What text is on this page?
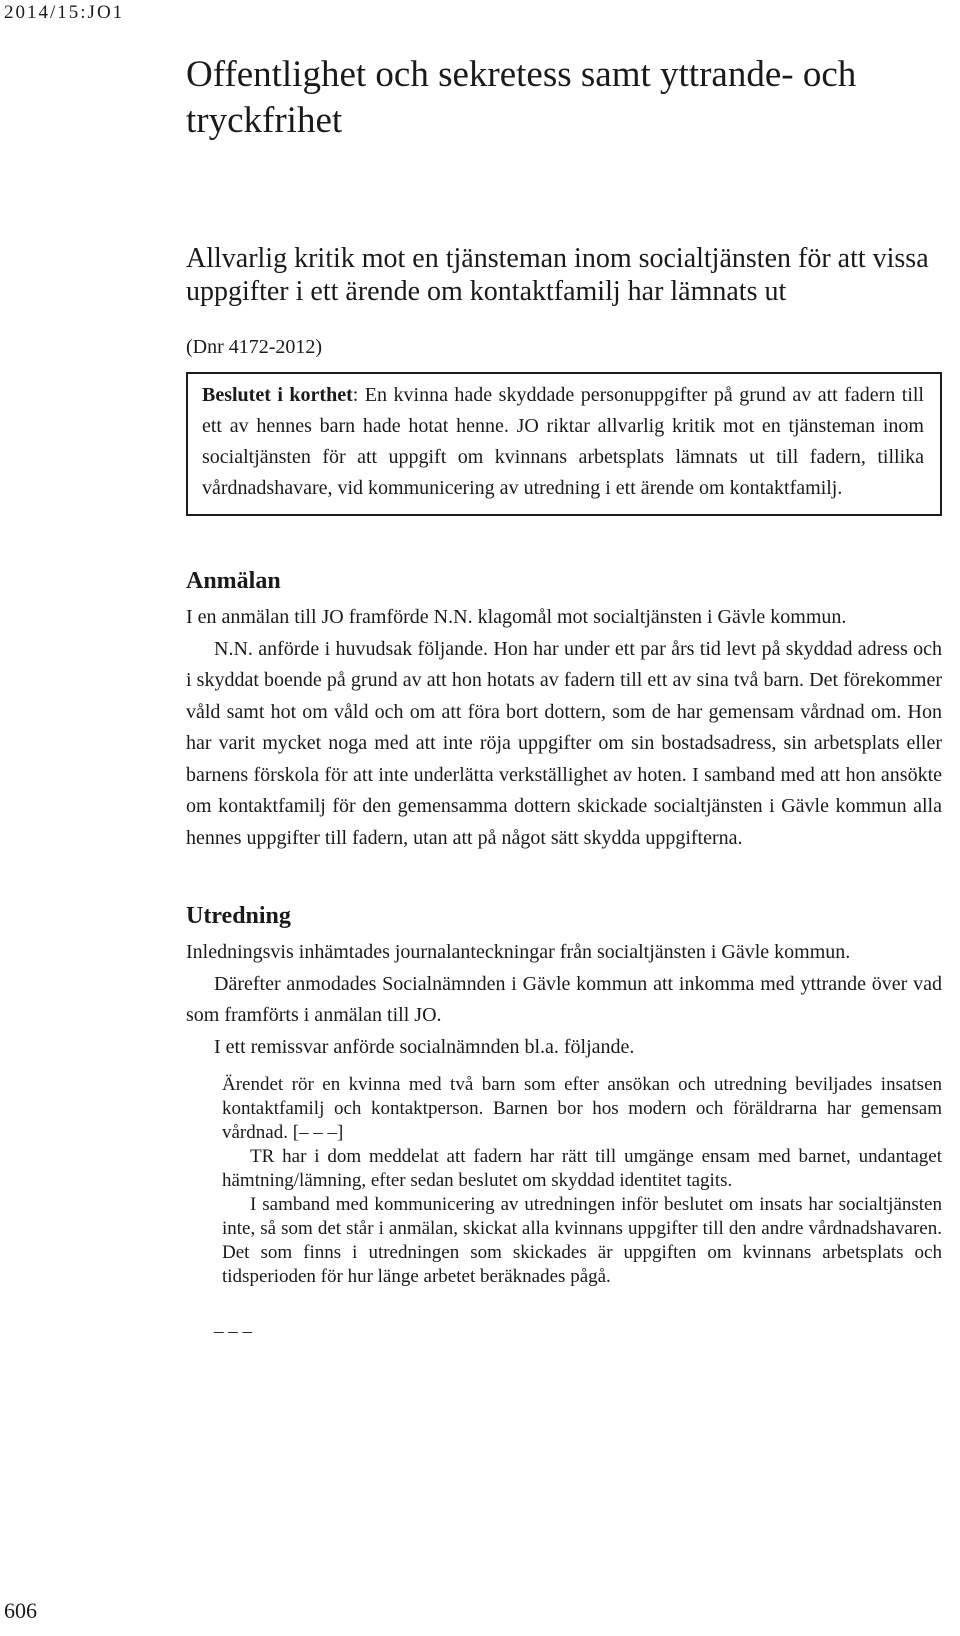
2014/15:JO1
Offentlighet och sekretess samt yttrande- och tryckfrihet
Allvarlig kritik mot en tjänsteman inom socialtjänsten för att vissa uppgifter i ett ärende om kontaktfamilj har lämnats ut
(Dnr 4172-2012)
Beslutet i korthet: En kvinna hade skyddade personuppgifter på grund av att fadern till ett av hennes barn hade hotat henne. JO riktar allvarlig kritik mot en tjänsteman inom socialtjänsten för att uppgift om kvinnans arbetsplats lämnats ut till fadern, tillika vårdnadshavare, vid kommunicering av utredning i ett ärende om kontaktfamilj.
Anmälan

I en anmälan till JO framförde N.N. klagomål mot socialtjänsten i Gävle kommun.

N.N. anförde i huvudsak följande. Hon har under ett par års tid levt på skyddad adress och i skyddat boende på grund av att hon hotats av fadern till ett av sina två barn. Det förekommer våld samt hot om våld och om att föra bort dottern, som de har gemensam vårdnad om. Hon har varit mycket noga med att inte röja uppgifter om sin bostadsadress, sin arbetsplats eller barnens förskola för att inte underlätta verkställighet av hoten. I samband med att hon ansökte om kontaktfamilj för den gemensamma dottern skickade socialtjänsten i Gävle kommun alla hennes uppgifter till fadern, utan att på något sätt skydda uppgifterna.

Utredning

Inledningsvis inhämtades journalanteckningar från socialtjänsten i Gävle kommun.

Därefter anmodades Socialnämnden i Gävle kommun att inkomma med yttrande över vad som framförts i anmälan till JO.

I ett remissvar anförde socialnämnden bl.a. följande.

Ärendet rör en kvinna med två barn som efter ansökan och utredning beviljades insatsen kontaktfamilj och kontaktperson. Barnen bor hos modern och föräldrarna har gemensam vårdnad. [– – –]

TR har i dom meddelat att fadern har rätt till umgänge ensam med barnet, undantaget hämtning/lämning, efter sedan beslutet om skyddad identitet tagits.

I samband med kommunicering av utredningen inför beslutet om insats har socialtjänsten inte, så som det står i anmälan, skickat alla kvinnans uppgifter till den andre vårdnadshavaren. Det som finns i utredningen som skickades är uppgiften om kvinnans arbetsplats och tidsperioden för hur länge arbetet beräknades pågå.

– – –
606
